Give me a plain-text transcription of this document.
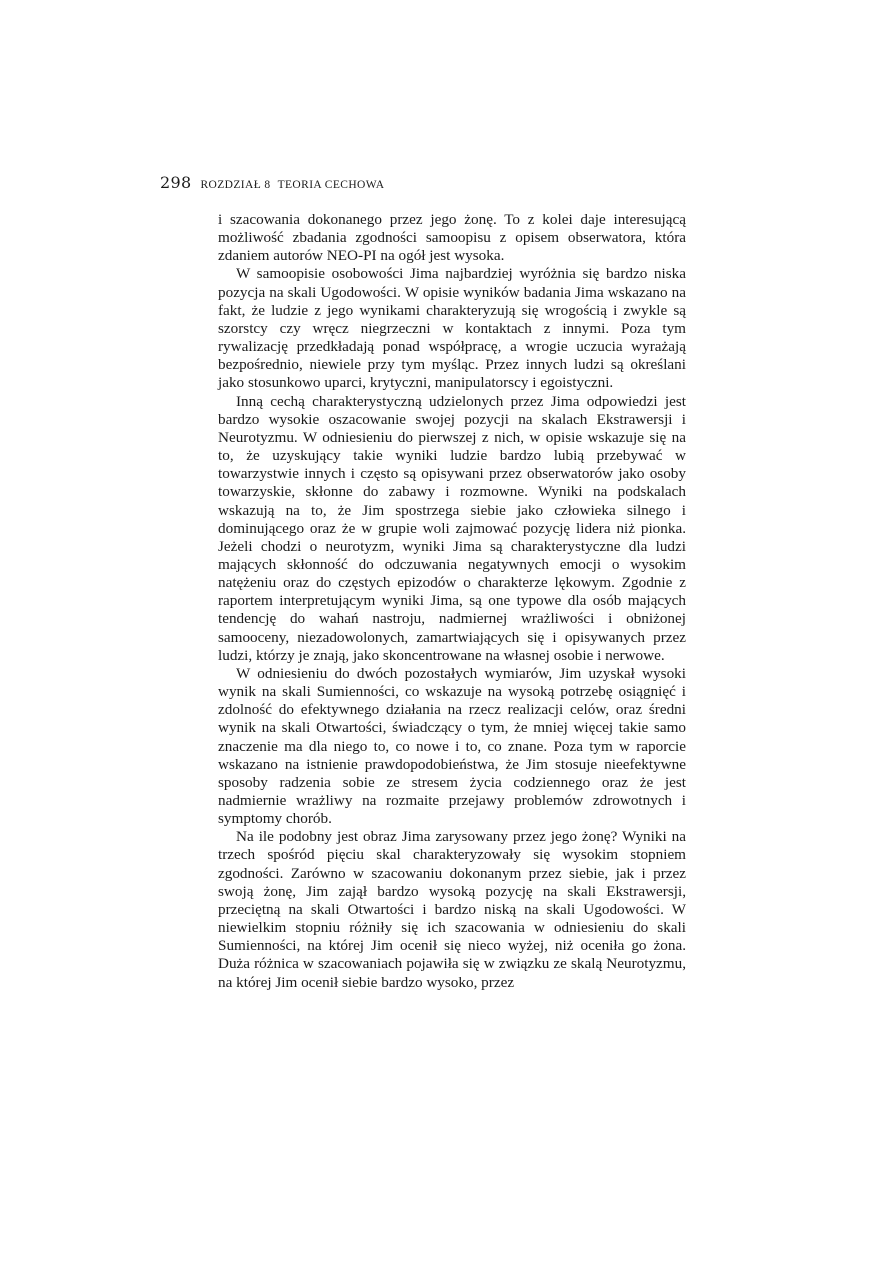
298 ROZDZIAŁ 8 TEORIA CECHOWA

i szacowania dokonanego przez jego żonę. To z kolei daje interesującą możliwość zbadania zgodności samoopisu z opisem obserwatora, która zdaniem autorów NEO-PI na ogół jest wysoka.

W samoopisie osobowości Jima najbardziej wyróżnia się bardzo niska pozycja na skali Ugodowości. W opisie wyników badania Jima wskazano na fakt, że ludzie z jego wynikami charakteryzują się wrogością i zwykle są szorstcy czy wręcz niegrzeczni w kontaktach z innymi. Poza tym rywalizację przedkładają ponad współpracę, a wrogie uczucia wyrażają bezpośrednio, niewiele przy tym myśląc. Przez innych ludzi są określani jako stosunkowo uparci, krytyczni, manipulatorscy i egoistyczni.

Inną cechą charakterystyczną udzielonych przez Jima odpowiedzi jest bardzo wysokie oszacowanie swojej pozycji na skalach Ekstrawersji i Neurotyzmu. W odniesieniu do pierwszej z nich, w opisie wskazuje się na to, że uzyskujący takie wyniki ludzie bardzo lubią przebywać w towarzystwie innych i często są opisywani przez obserwatorów jako osoby towarzyskie, skłonne do zabawy i rozmowne. Wyniki na podskalach wskazują na to, że Jim spostrzega siebie jako człowieka silnego i dominującego oraz że w grupie woli zajmować pozycję lidera niż pionka. Jeżeli chodzi o neurotyzm, wyniki Jima są charakterystyczne dla ludzi mających skłonność do odczuwania negatywnych emocji o wysokim natężeniu oraz do częstych epizodów o charakterze lękowym. Zgodnie z raportem interpretującym wyniki Jima, są one typowe dla osób mających tendencję do wahań nastroju, nadmiernej wrażliwości i obniżonej samooceny, niezadowolonych, zamartwiających się i opisywanych przez ludzi, którzy je znają, jako skoncentrowane na własnej osobie i nerwowe.

W odniesieniu do dwóch pozostałych wymiarów, Jim uzyskał wysoki wynik na skali Sumienności, co wskazuje na wysoką potrzebę osiągnięć i zdolność do efektywnego działania na rzecz realizacji celów, oraz średni wynik na skali Otwartości, świadczący o tym, że mniej więcej takie samo znaczenie ma dla niego to, co nowe i to, co znane. Poza tym w raporcie wskazano na istnienie prawdopodobieństwa, że Jim stosuje nieefektywne sposoby radzenia sobie ze stresem życia codziennego oraz że jest nadmiernie wrażliwy na rozmaite przejawy problemów zdrowotnych i symptomy chorób.

Na ile podobny jest obraz Jima zarysowany przez jego żonę? Wyniki na trzech spośród pięciu skal charakteryzowały się wysokim stopniem zgodności. Zarówno w szacowaniu dokonanym przez siebie, jak i przez swoją żonę, Jim zajął bardzo wysoką pozycję na skali Ekstrawersji, przeciętną na skali Otwartości i bardzo niską na skali Ugodowości. W niewielkim stopniu różniły się ich szacowania w odniesieniu do skali Sumienności, na której Jim ocenił się nieco wyżej, niż oceniła go żona. Duża różnica w szacowaniach pojawiła się w związku ze skalą Neurotyzmu, na której Jim ocenił siebie bardzo wysoko, przez
